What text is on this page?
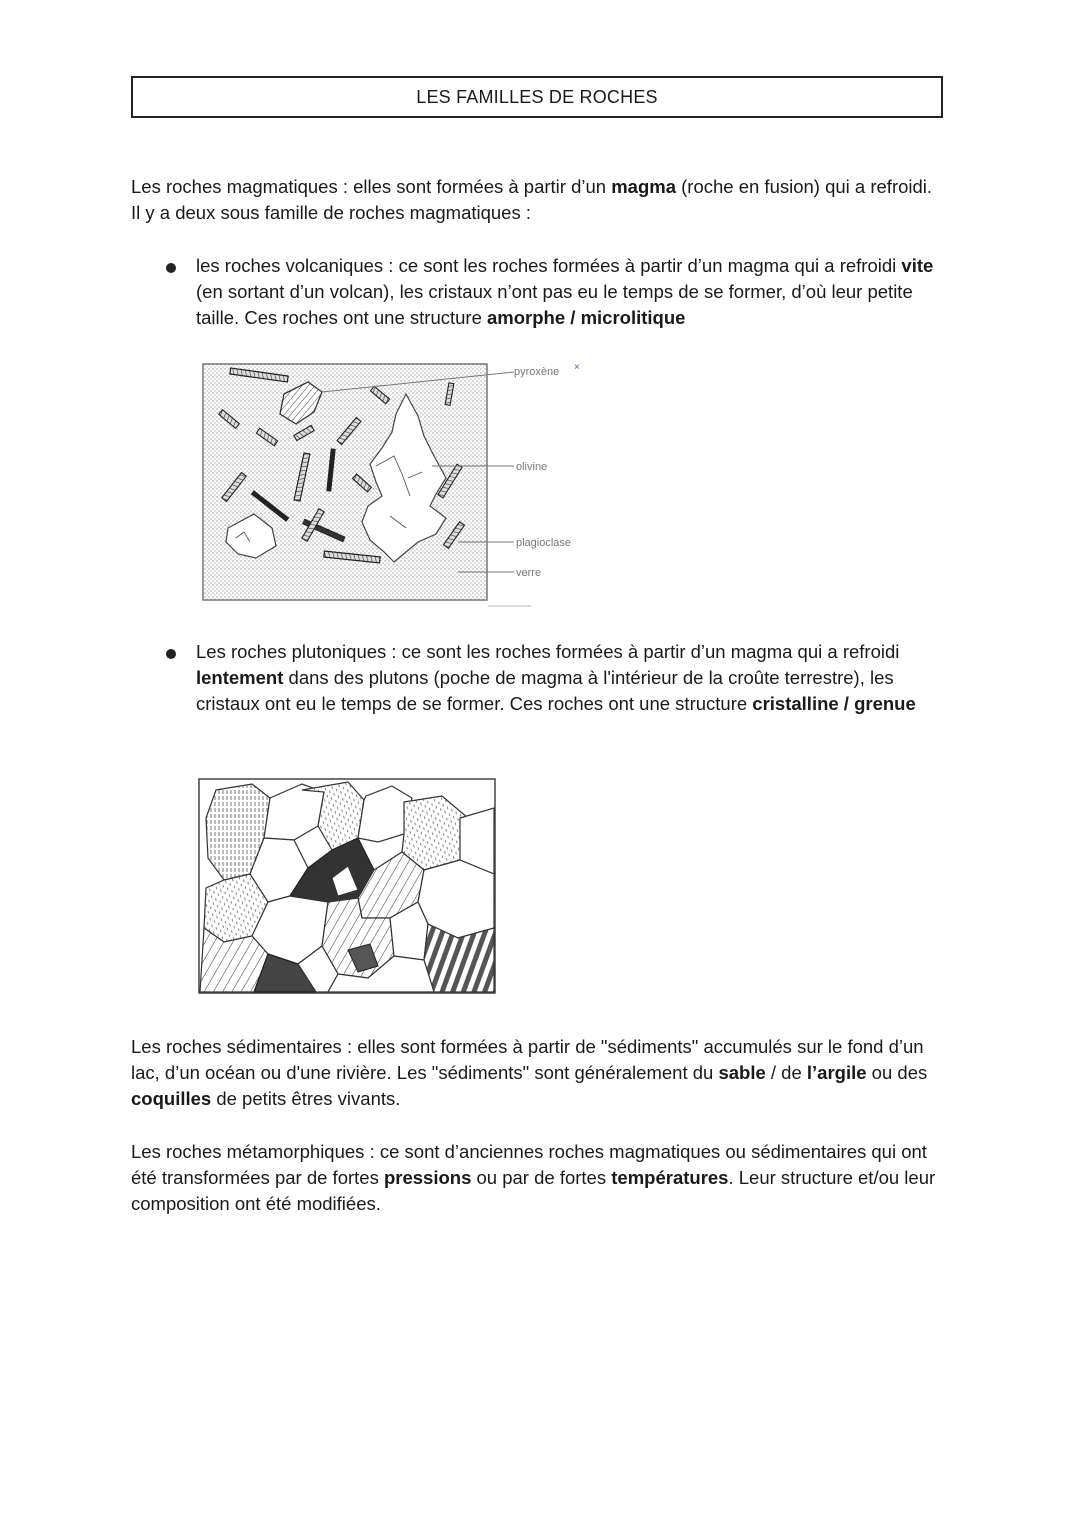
LES FAMILLES DE ROCHES

Les roches magmatiques : elles sont formées à partir d’un magma (roche en fusion) qui a refroidi. Il y a deux sous famille de roches magmatiques :

les roches volcaniques : ce sont les roches formées à partir d’un magma qui a refroidi vite (en sortant d’un volcan), les cristaux n’ont pas eu le temps de se former, d’où leur petite taille. Ces roches ont une structure amorphe / microlitique

pyroxène ×
olivine
plagioclase
verre

Les roches plutoniques : ce sont les roches formées à partir d’un magma qui a refroidi lentement dans des plutons (poche de magma à l'intérieur de la croûte terrestre), les cristaux ont eu le temps de se former. Ces roches ont une structure cristalline / grenue

Les roches sédimentaires : elles sont formées à partir de "sédiments" accumulés sur le fond d’un lac, d’un océan ou d'une rivière. Les "sédiments" sont généralement du sable / de l’argile ou des coquilles de petits êtres vivants.

Les roches métamorphiques : ce sont d’anciennes roches magmatiques ou sédimentaires qui ont été transformées par de fortes pressions ou par de fortes températures. Leur structure et/ou leur composition ont été modifiées.
